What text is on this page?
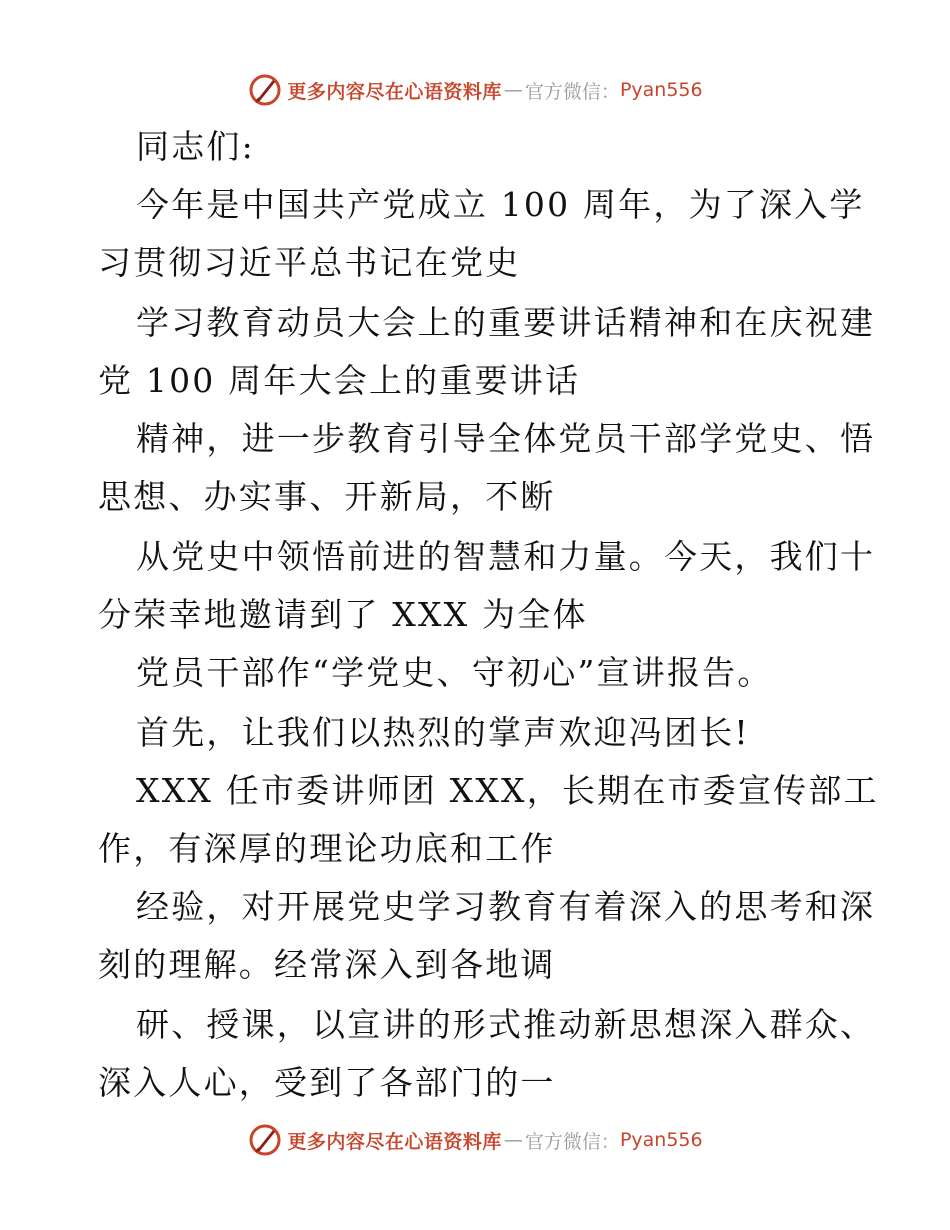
更多内容尽在心语资料库 — 官方微信： Pyan556
同志们:
今年是中国共产党成立 100 周年，为了深入学
习贯彻习近平总书记在党史
学习教育动员大会上的重要讲话精神和在庆祝建
党 100 周年大会上的重要讲话
精神，进一步教育引导全体党员干部学党史、悟
思想、办实事、开新局，不断
从党史中领悟前进的智慧和力量。今天，我们十
分荣幸地邀请到了 XXX 为全体
党员干部作“学党史、守初心”宣讲报告。
首先，让我们以热烈的掌声欢迎冯团长!
XXX 任市委讲师团 XXX，长期在市委宣传部工
作，有深厚的理论功底和工作
经验，对开展党史学习教育有着深入的思考和深
刻的理解。经常深入到各地调
研、授课，以宣讲的形式推动新思想深入群众、
深入人心，受到了各部门的一
更多内容尽在心语资料库 — 官方微信： Pyan556
